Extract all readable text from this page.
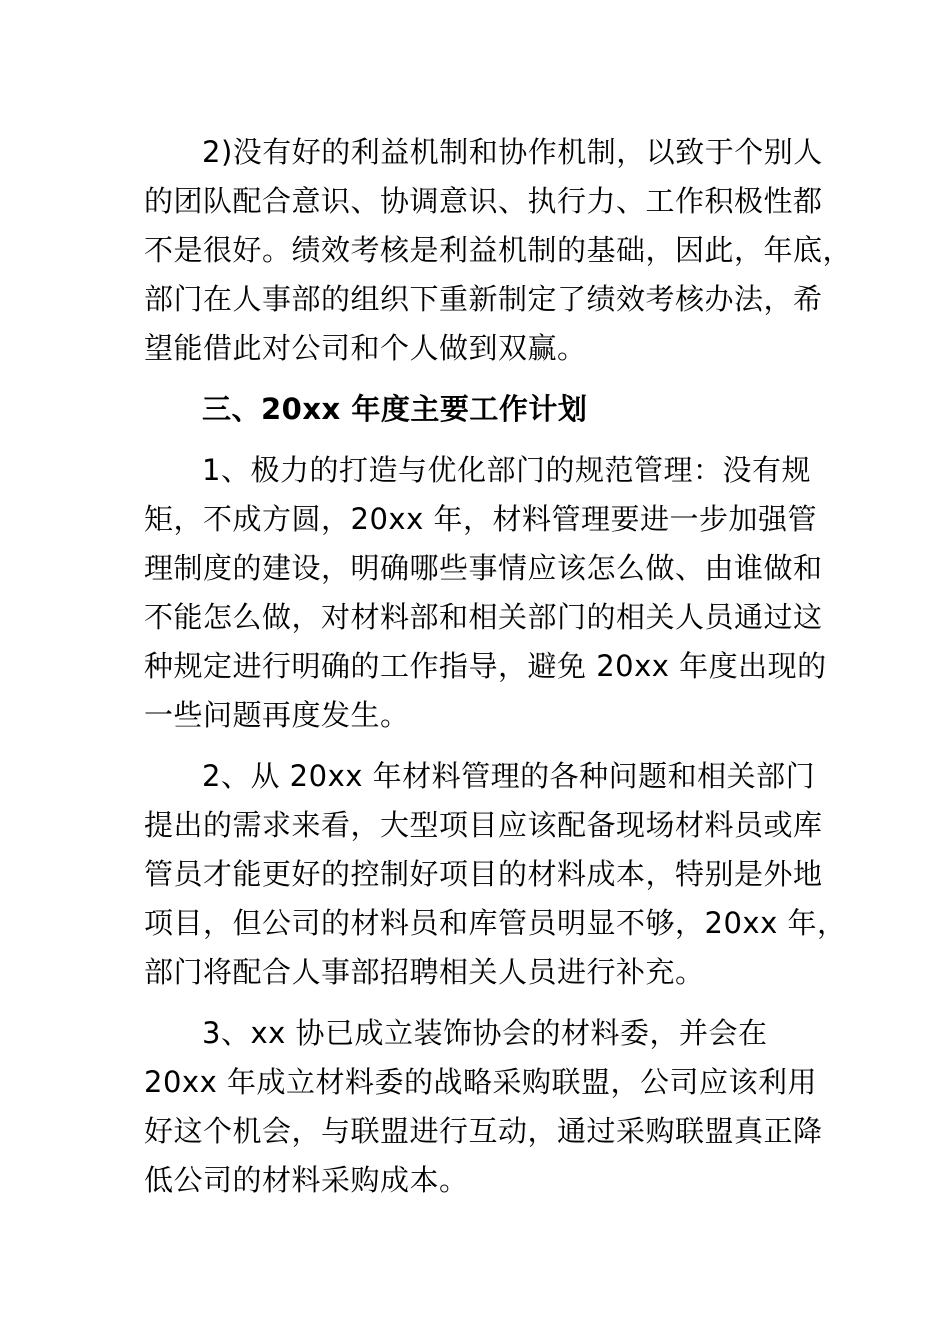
2)没有好的利益机制和协作机制，以致于个别人
的团队配合意识、协调意识、执行力、工作积极性都
不是很好。绩效考核是利益机制的基础，因此，年底，
部门在人事部的组织下重新制定了绩效考核办法，希
望能借此对公司和个人做到双赢。
三、20xx 年度主要工作计划
1、极力的打造与优化部门的规范管理：没有规
矩，不成方圆，20xx 年，材料管理要进一步加强管
理制度的建设，明确哪些事情应该怎么做、由谁做和
不能怎么做，对材料部和相关部门的相关人员通过这
种规定进行明确的工作指导，避免 20xx 年度出现的
一些问题再度发生。
2、从 20xx 年材料管理的各种问题和相关部门
提出的需求来看，大型项目应该配备现场材料员或库
管员才能更好的控制好项目的材料成本，特别是外地
项目，但公司的材料员和库管员明显不够，20xx 年，
部门将配合人事部招聘相关人员进行补充。
3、xx 协已成立装饰协会的材料委，并会在
20xx 年成立材料委的战略采购联盟，公司应该利用
好这个机会，与联盟进行互动，通过采购联盟真正降
低公司的材料采购成本。
